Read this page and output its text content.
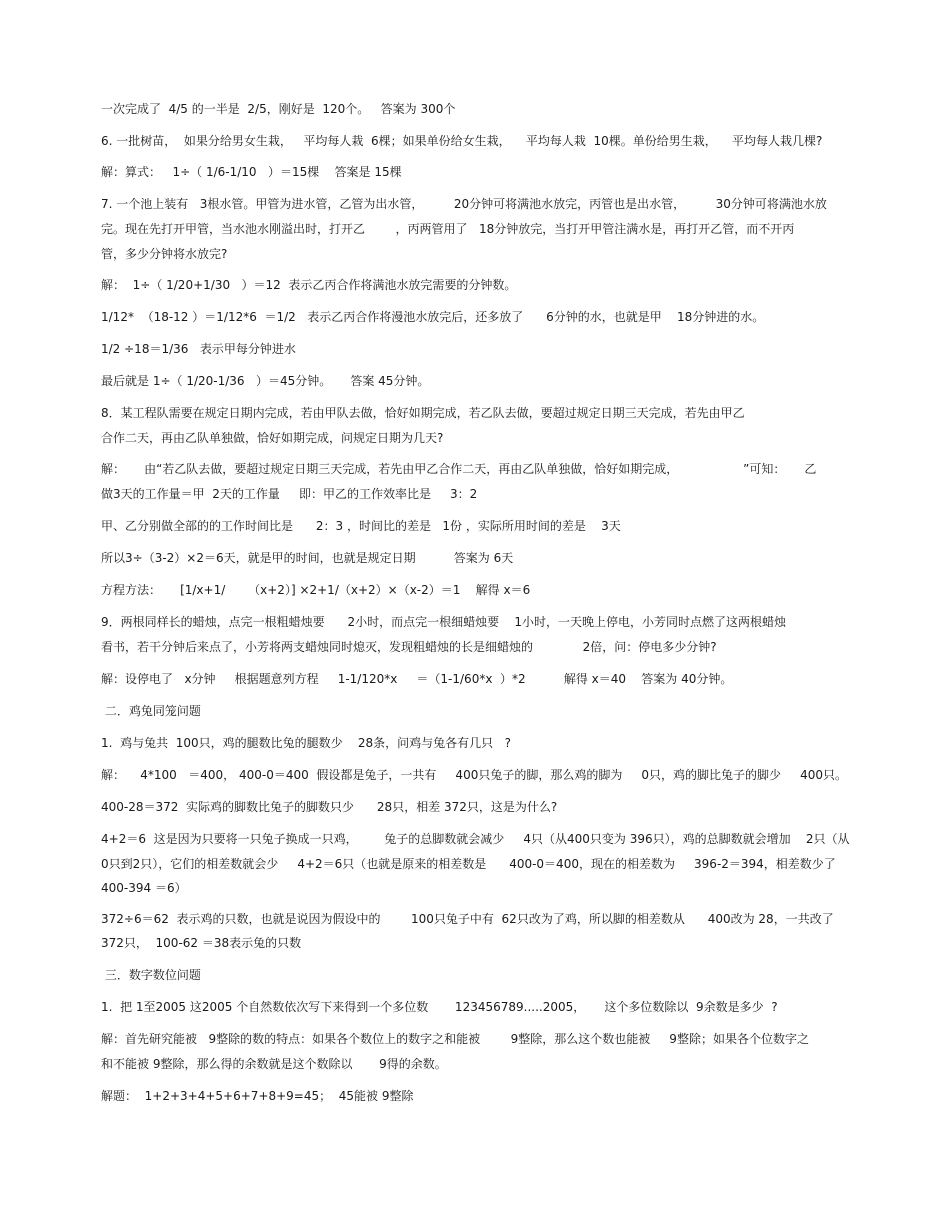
一次完成了  4/5 的一半是  2/5，刚好是  120个。   答案为 300个
6. 一批树苗，  如果分给男女生栽，   平均每人栽  6棵；如果单份给女生栽，    平均每人栽  10棵。单份给男生栽，    平均每人栽几棵?
解：算式：   1÷（ 1/6-1/10   ）＝15棵    答案是 15棵
7. 一个池上装有   3根水管。甲管为进水管，乙管为出水管，        20分钟可将满池水放完，丙管也是出水管，        30分钟可将满池水放
完。现在先打开甲管，当水池水刚溢出时，打开乙        ，丙两管用了   18分钟放完，当打开甲管注满水是，再打开乙管，而不开丙
管，多少分钟将水放完?
解：  1÷（ 1/20+1/30   ）＝12  表示乙丙合作将满池水放完需要的分钟数。
1/12*  （18-12 ）＝1/12*6  ＝1/2   表示乙丙合作将漫池水放完后，还多放了      6分钟的水，也就是甲    18分钟进的水。
1/2 ÷18＝1/36   表示甲每分钟进水
最后就是 1÷（ 1/20-1/36   ）＝45分钟。     答案 45分钟。
8．某工程队需要在规定日期内完成，若由甲队去做，恰好如期完成，若乙队去做，要超过规定日期三天完成，若先由甲乙
合作二天，再由乙队单独做，恰好如期完成，问规定日期为几天?
解：     由“若乙队去做，要超过规定日期三天完成，若先由甲乙合作二天，再由乙队单独做，恰好如期完成，                 ”可知：     乙
做3天的工作量＝甲  2天的工作量     即：甲乙的工作效率比是     3：2
甲、乙分别做全部的的工作时间比是      2：3 ，时间比的差是   1份 ，实际所用时间的差是    3天
所以3÷（3-2）×2＝6天，就是甲的时间，也就是规定日期          答案为 6天
方程方法：     [1/x+1/      （x+2）] ×2+1/（x+2）×（x-2）＝1    解得 x＝6
9．两根同样长的蜡烛，点完一根粗蜡烛要      2小时，而点完一根细蜡烛要    1小时，一天晚上停电，小芳同时点燃了这两根蜡烛
看书，若干分钟后来点了，小芳将两支蜡烛同时熄灭，发现粗蜡烛的长是细蜡烛的             2倍，问：停电多少分钟?
解：设停电了   x分钟     根据题意列方程     1-1/120*x     ＝（1-1/60*x  ）*2          解得 x＝40    答案为 40分钟。
二．鸡兔同笼问题
1.  鸡与兔共  100只，鸡的腿数比兔的腿数少    28条，问鸡与兔各有几只   ?
解：    4*100   ＝400， 400-0＝400  假设都是兔子，一共有     400只兔子的脚，那么鸡的脚为     0只，鸡的脚比兔子的脚少     400只。
400-28＝372  实际鸡的脚数比兔子的脚数只少      28只，相差 372只，这是为什么?
4+2＝6  这是因为只要将一只兔子换成一只鸡，       兔子的总脚数就会减少     4只（从400只变为 396只），鸡的总脚数就会增加    2只（从
0只到2只），它们的相差数就会少     4+2＝6只（也就是原来的相差数是      400-0＝400，现在的相差数为     396-2＝394，相差数少了
400-394 ＝6）
372÷6＝62  表示鸡的只数，也就是说因为假设中的        100只兔子中有  62只改为了鸡，所以脚的相差数从      400改为 28，一共改了
372只，  100-62 ＝38表示兔的只数
三．数字数位问题
1.  把 1至2005 这2005 个自然数依次写下来得到一个多位数       123456789.....2005，     这个多位数除以  9余数是多少  ?
解：首先研究能被   9整除的数的特点：如果各个数位上的数字之和能被        9整除，那么这个数也能被     9整除；如果各个位数字之
和不能被 9整除，那么得的余数就是这个数除以       9得的余数。
解题：  1+2+3+4+5+6+7+8+9=45；  45能被 9整除
